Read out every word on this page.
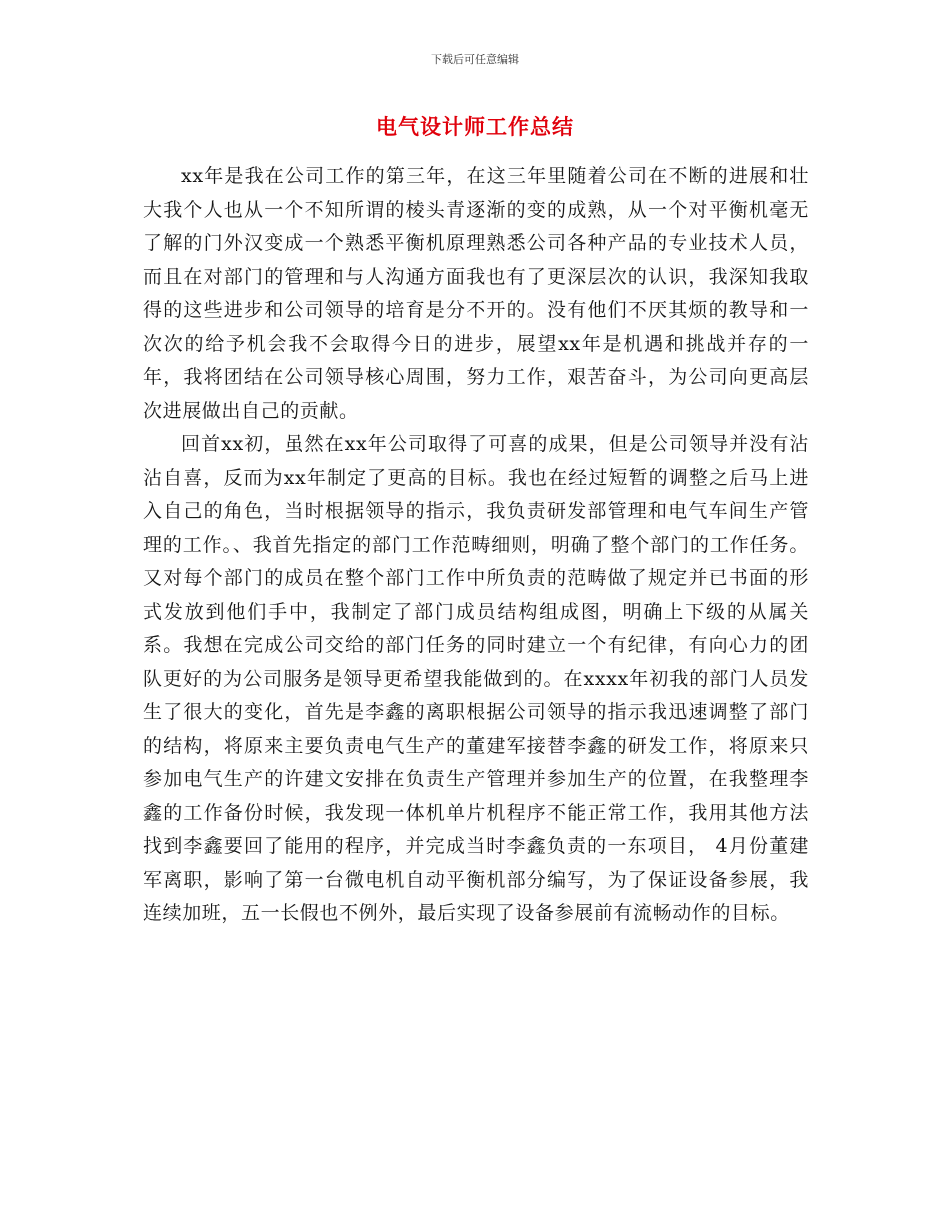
下载后可任意编辑
电气设计师工作总结

xx年是我在公司工作的第三年，在这三年里随着公司在不断的进展和壮大我个人也从一个不知所谓的棱头青逐渐的变的成熟，从一个对平衡机毫无了解的门外汉变成一个熟悉平衡机原理熟悉公司各种产品的专业技术人员，而且在对部门的管理和与人沟通方面我也有了更深层次的认识，我深知我取得的这些进步和公司领导的培育是分不开的。没有他们不厌其烦的教导和一次次的给予机会我不会取得今日的进步，展望xx年是机遇和挑战并存的一年，我将团结在公司领导核心周围，努力工作，艰苦奋斗，为公司向更高层次进展做出自己的贡献。

回首xx初，虽然在xx年公司取得了可喜的成果，但是公司领导并没有沾沾自喜，反而为xx年制定了更高的目标。我也在经过短暂的调整之后马上进入自己的角色，当时根据领导的指示，我负责研发部管理和电气车间生产管理的工作。、我首先指定的部门工作范畴细则，明确了整个部门的工作任务。又对每个部门的成员在整个部门工作中所负责的范畴做了规定并已书面的形式发放到他们手中，我制定了部门成员结构组成图，明确上下级的从属关系。我想在完成公司交给的部门任务的同时建立一个有纪律，有向心力的团队更好的为公司服务是领导更希望我能做到的。在xxxx年初我的部门人员发生了很大的变化，首先是李鑫的离职根据公司领导的指示我迅速调整了部门的结构，将原来主要负责电气生产的董建军接替李鑫的研发工作，将原来只参加电气生产的许建文安排在负责生产管理并参加生产的位置，在我整理李鑫的工作备份时候，我发现一体机单片机程序不能正常工作，我用其他方法找到李鑫要回了能用的程序，并完成当时李鑫负责的一东项目， 4月份董建军离职，影响了第一台微电机自动平衡机部分编写，为了保证设备参展，我连续加班，五一长假也不例外，最后实现了设备参展前有流畅动作的目标。
